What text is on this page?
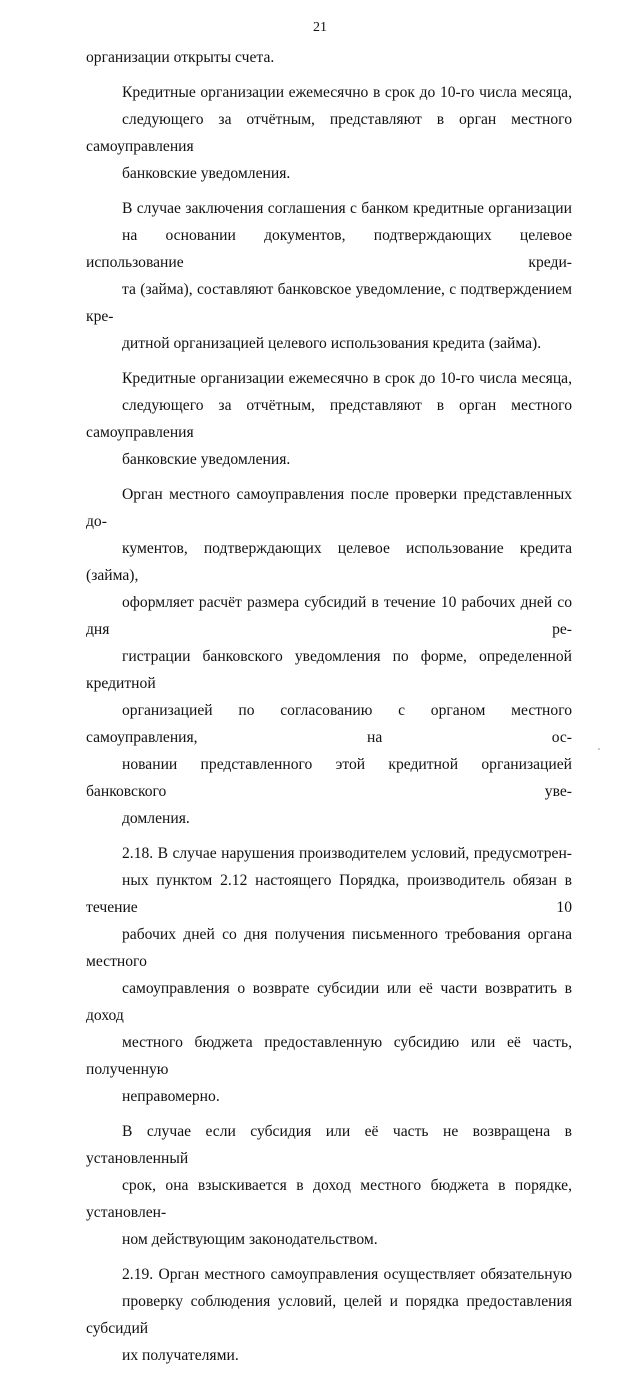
21
организации открыты счета.
Кредитные организации ежемесячно в срок до 10-го числа месяца,
следующего за отчётным, представляют в орган местного самоуправления
банковские уведомления.
В случае заключения соглашения с банком кредитные организации
на основании документов, подтверждающих целевое использование креди-
та (займа), составляют банковское уведомление, с подтверждением кре-
дитной организацией целевого использования кредита (займа).
Кредитные организации ежемесячно в срок до 10-го числа месяца,
следующего за отчётным, представляют в орган местного самоуправления
банковские уведомления.
Орган местного самоуправления после проверки представленных до-
кументов, подтверждающих целевое использование кредита (займа),
оформляет расчёт размера субсидий в течение 10 рабочих дней со дня ре-
гистрации банковского уведомления по форме, определенной кредитной
организацией по согласованию с органом местного самоуправления, на ос-
новании представленного этой кредитной организацией банковского уве-
домления.
2.18. В случае нарушения производителем условий, предусмотрен-
ных пунктом 2.12 настоящего Порядка, производитель обязан в течение 10
рабочих дней со дня получения письменного требования органа местного
самоуправления о возврате субсидии или её части возвратить в доход
местного бюджета предоставленную субсидию или её часть, полученную
неправомерно.
В случае если субсидия или её часть не возвращена в установленный
срок, она взыскивается в доход местного бюджета в порядке, установлен-
ном действующим законодательством.
2.19. Орган местного самоуправления осуществляет обязательную
проверку соблюдения условий, целей и порядка предоставления субсидий
их получателями.
